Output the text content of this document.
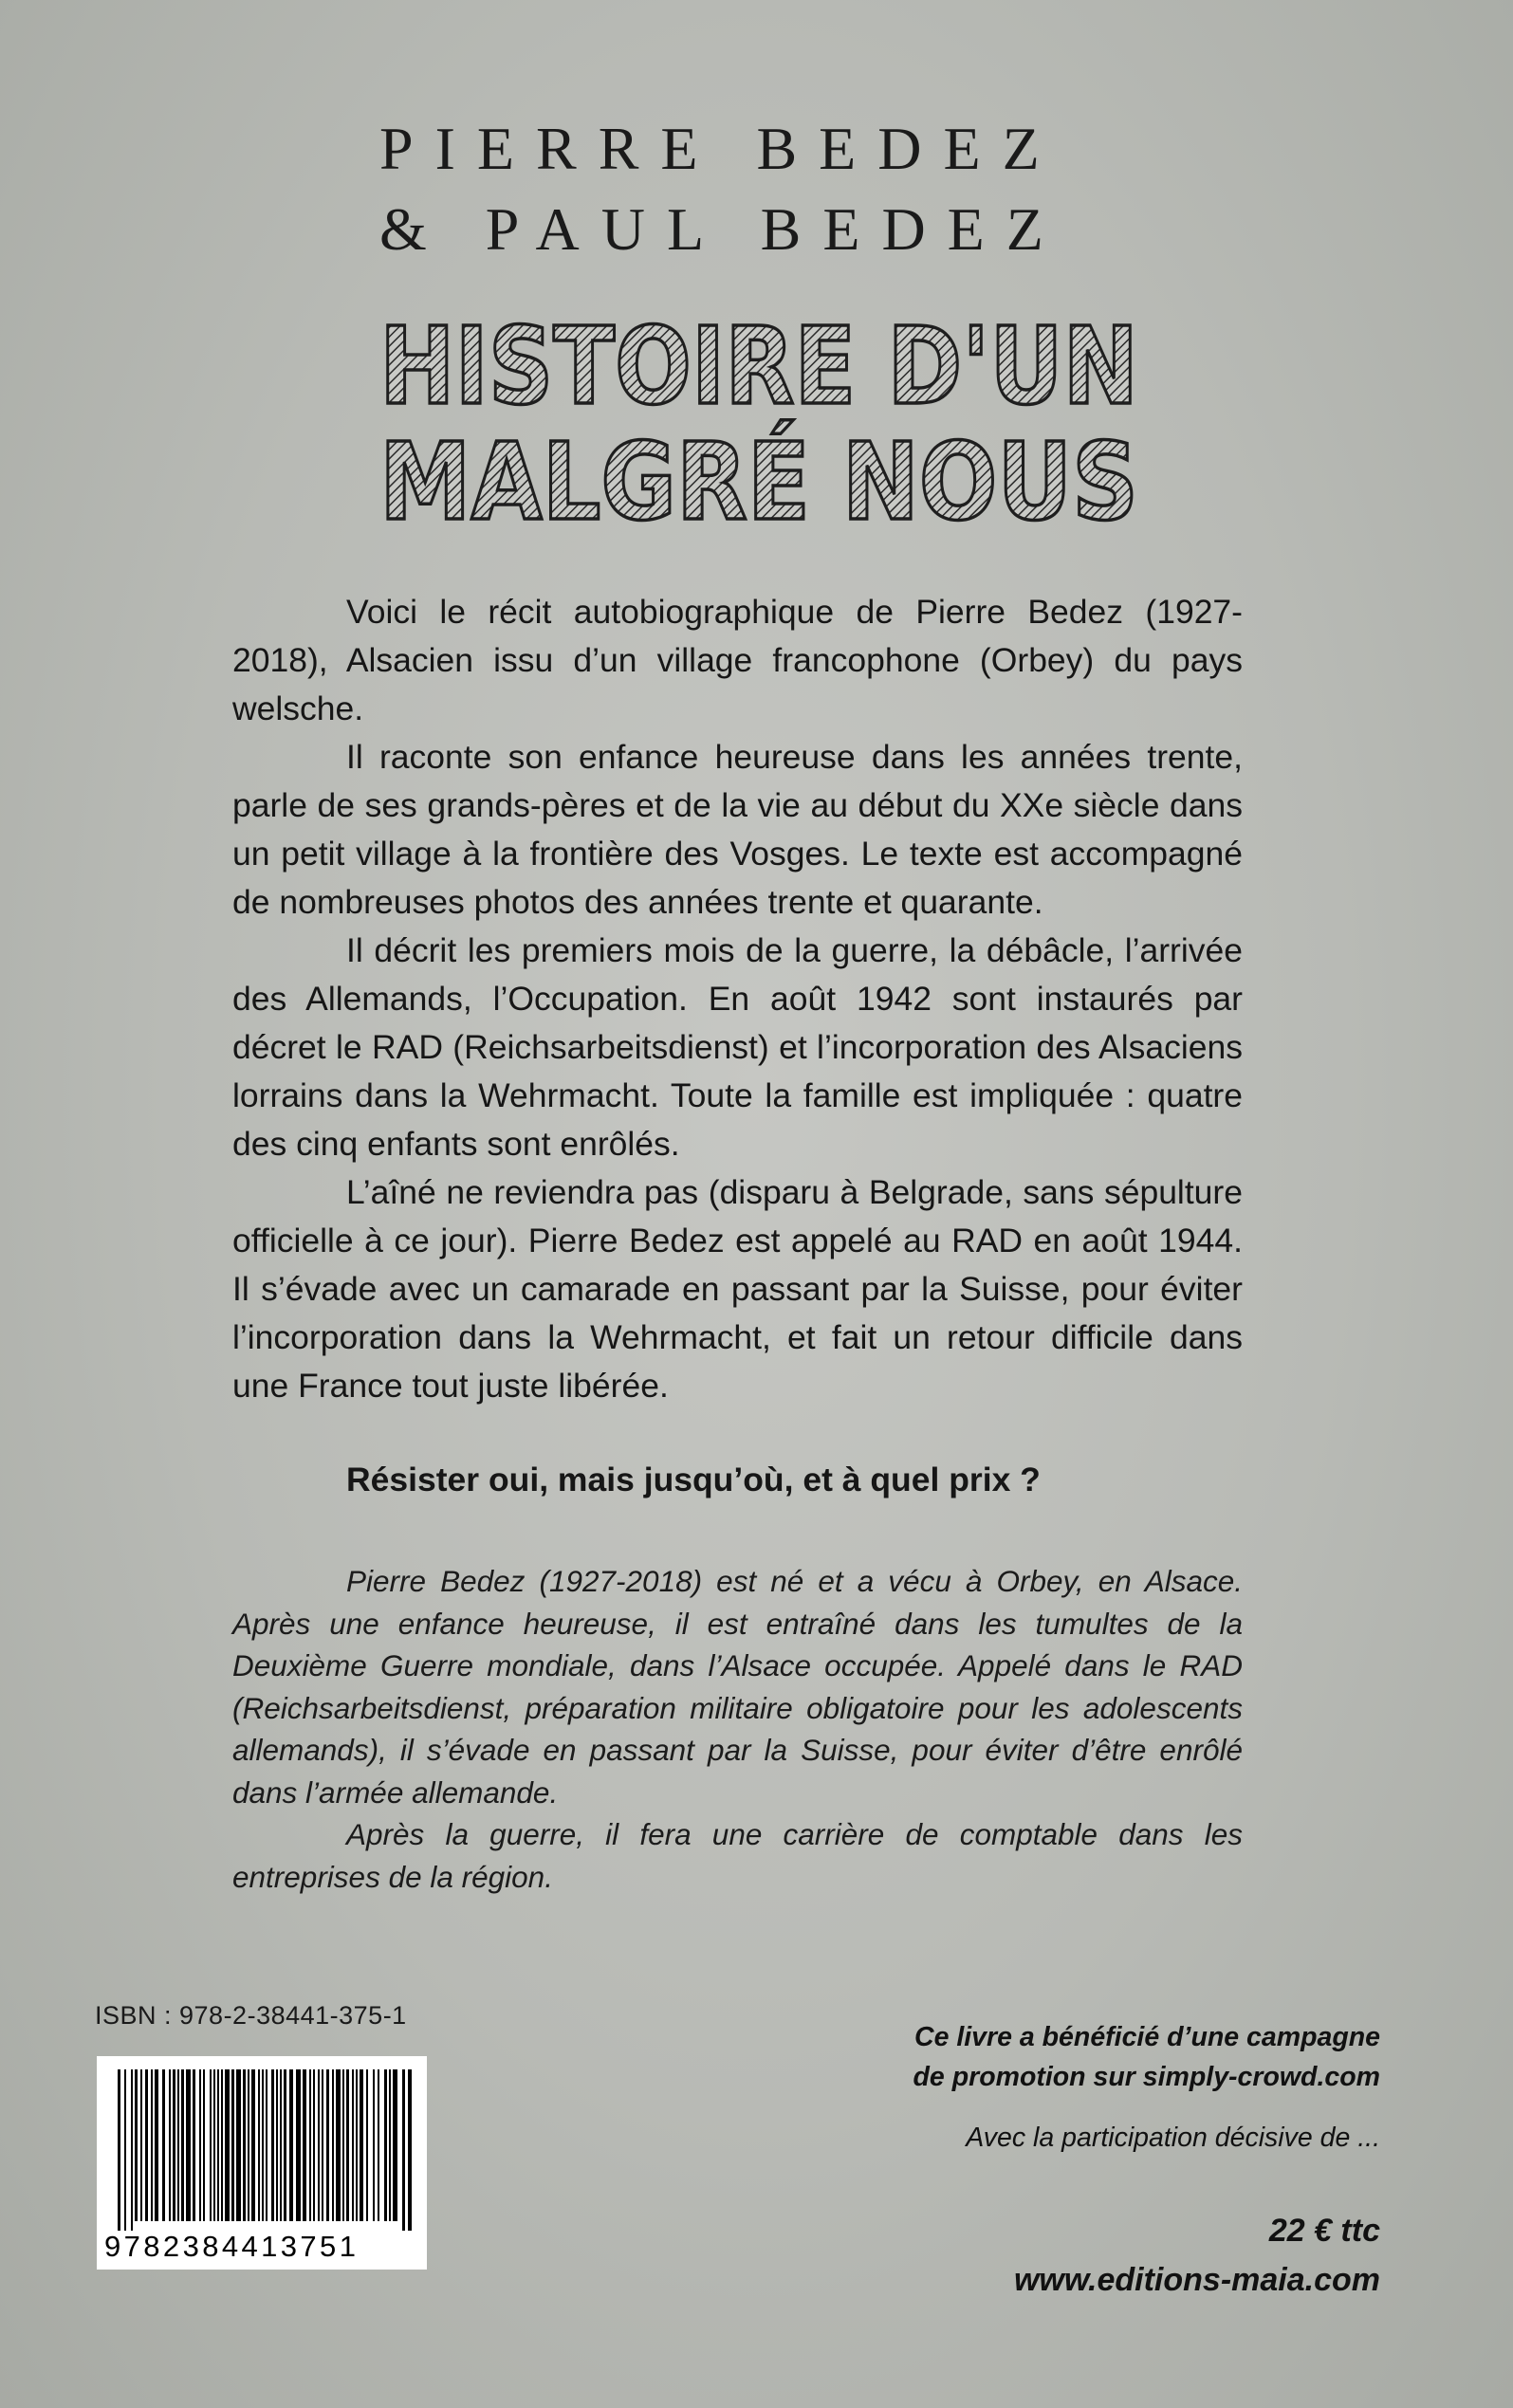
PIERRE BEDEZ
& PAUL BEDEZ
HISTOIRE D'UN
MALGRÉ NOUS

Voici le récit autobiographique de Pierre Bedez (1927-2018), Alsacien issu d’un village francophone (Orbey) du pays welsche.

Il raconte son enfance heureuse dans les années trente, parle de ses grands-pères et de la vie au début du XXe siècle dans un petit village à la frontière des Vosges. Le texte est accompagné de nombreuses photos des années trente et quarante.

Il décrit les premiers mois de la guerre, la débâcle, l’arrivée des Allemands, l’Occupation. En août 1942 sont instaurés par décret le RAD (Reichsarbeitsdienst) et l’incorporation des Alsaciens lorrains dans la Wehrmacht. Toute la famille est impliquée : quatre des cinq enfants sont enrôlés.

L’aîné ne reviendra pas (disparu à Belgrade, sans sépulture officielle à ce jour). Pierre Bedez est appelé au RAD en août 1944. Il s’évade avec un camarade en passant par la Suisse, pour éviter l’incorporation dans la Wehrmacht, et fait un retour difficile dans une France tout juste libérée.

Résister oui, mais jusqu’où, et à quel prix ?

Pierre Bedez (1927-2018) est né et a vécu à Orbey, en Alsace. Après une enfance heureuse, il est entraîné dans les tumultes de la Deuxième Guerre mondiale, dans l’Alsace occupée. Appelé dans le RAD (Reichsarbeitsdienst, préparation militaire obligatoire pour les adolescents allemands), il s’évade en passant par la Suisse, pour éviter d’être enrôlé dans l’armée allemande.

Après la guerre, il fera une carrière de comptable dans les entreprises de la région.

ISBN : 978-2-38441-375-1
9782384413751
Ce livre a bénéficié d’une campagne
de promotion sur simply-crowd.com
Avec la participation décisive de ...
22 € ttc
www.editions-maia.com
